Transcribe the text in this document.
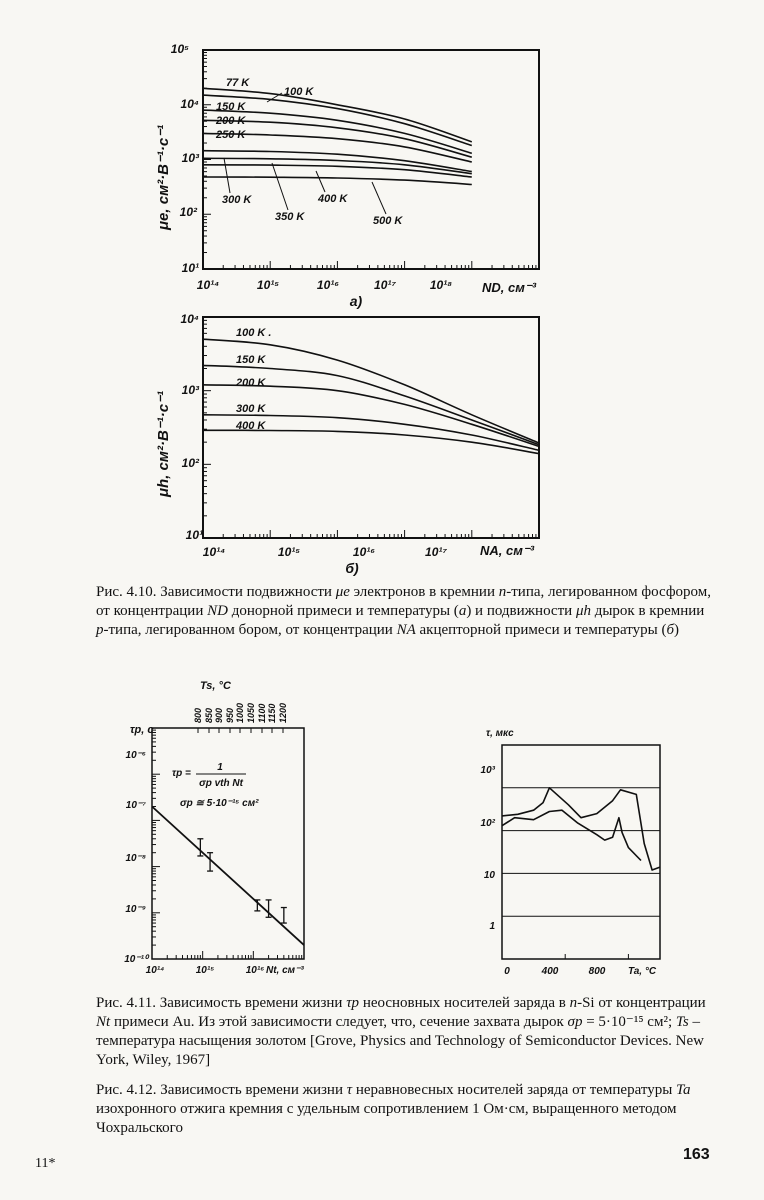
μe, см²·В⁻¹·с⁻¹
10⁵
10⁴
10³
10²
10¹
10¹⁴	10¹⁵	10¹⁶	10¹⁷	10¹⁸ ND, см⁻³
а)
77 K
100 K
150 K
200 K
250 K
300 K
350 K
400 K
500 K
μh, см²·В⁻¹·с⁻¹
10⁴
10³
10²
10¹
10¹⁴	10¹⁵	10¹⁶	10¹⁷	NA, см⁻³
б)
100 K .
150 K
200 K
300 K
400 K
τp, с
Ts, °C
10⁻⁶
10⁻⁷
10⁻⁸
10⁻⁹
10⁻¹⁰
10¹⁴	10¹⁵	10¹⁶ Nt, см⁻³
800 850 900 950 1000 1050 1100 1150 1200
τp =
1
σp vth Nt
σp ≅ 5·10⁻¹⁵ см²
τ, мкс
10³
10²
10
1
0	400	800 Ta, °C
Рис. 4.10. Зависимости подвижности μe электронов в кремнии n-типа, легированном фосфором, от концентрации ND донорной примеси и температуры (а) и подвижности μh дырок в кремнии p-типа, легированном бором, от концентрации NA акцепторной примеси и температуры (б)
Рис. 4.11. Зависимость времени жизни τp неосновных носителей заряда в n-Si от концентрации Nt примеси Au. Из этой зависимости следует, что, сечение захвата дырок σp = 5·10⁻¹⁵ см²; Ts – температура насыщения золотом [Grove, Physics and Technology of Semiconductor Devices. New York, Wiley, 1967]
Рис. 4.12. Зависимость времени жизни τ неравновесных носителей заряда от температуры Ta изохронного отжига кремния с удельным сопротивлением 1 Ом·см, выращенного методом Чохральского
11*
163
